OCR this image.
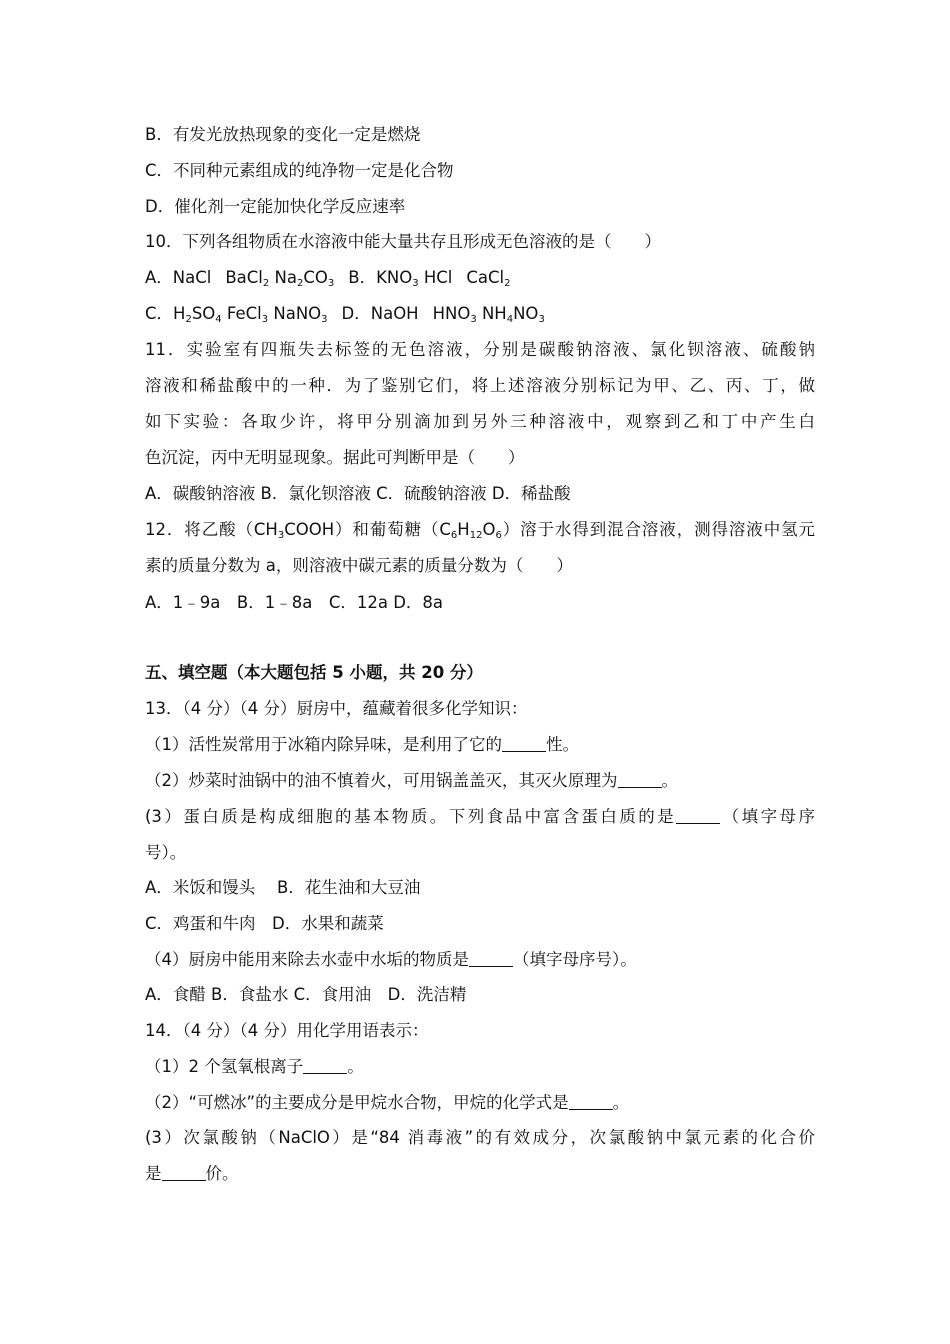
B．有发光放热现象的变化一定是燃烧
C．不同种元素组成的纯净物一定是化合物
D．催化剂一定能加快化学反应速率
10．下列各组物质在水溶液中能大量共存且形成无色溶液的是（　　）
A．NaCl BaCl$_2$ $Na_2CO_3$ B．$KNO_3$ HCl CaCl$_2$
C．$H_2SO_4$ FeCl$_3$ NaNO$_3$ D．NaOH $HNO_3$ $NH_4NO_3$
11．实验室有四瓶失去标签的无色溶液，分别是碳酸钠溶液、氯化钡溶液、硫酸钠
溶液和稀盐酸中的一种．为了鉴别它们，将上述溶液分别标记为甲、乙、丙、丁，做
如下实验：各取少许，将甲分别滴加到另外三种溶液中，观察到乙和丁中产生白
色沉淀，丙中无明显现象。据此可判断甲是（　　）
A．碳酸钠溶液 B．氯化钡溶液 C．硫酸钠溶液 D．稀盐酸
12．将乙酸$(CH_3COOH)$和葡萄糖$(C_6H_{12}O_6)$溶于水得到混合溶液，测得溶液中氢元
素的质量分数为 a，则溶液中碳元素的质量分数为（　　）
A．1﹣9a　B．1﹣8a　C．12a D．8a
五、填空题（本大题包括 5 小题，共 20 分）
13．（4 分）（4 分）厨房中，蕴藏着很多化学知识：
（1）活性炭常用于冰箱内除异味，是利用了它的	性。
（2）炒菜时油锅中的油不慎着火，可用锅盖盖灭，其灭火原理为	。
(3）蛋白质是构成细胞的基本物质。下列食品中富含蛋白质的是	（填字母序
号）。
A．米饭和馒头　 B．花生油和大豆油
C．鸡蛋和牛肉　D．水果和蔬菜
（4）厨房中能用来除去水壶中水垢的物质是	（填字母序号）。
A．食醋 B．食盐水 C．食用油　D．洗洁精
14．（4 分）（4 分）用化学用语表示：
（1）2 个氢氧根离子	。
（2）“可燃冰”的主要成分是甲烷水合物，甲烷的化学式是	。
(3）次氯酸钠（NaClO）是“84 消毒液”的有效成分，次氯酸钠中氯元素的化合价
是	价。
